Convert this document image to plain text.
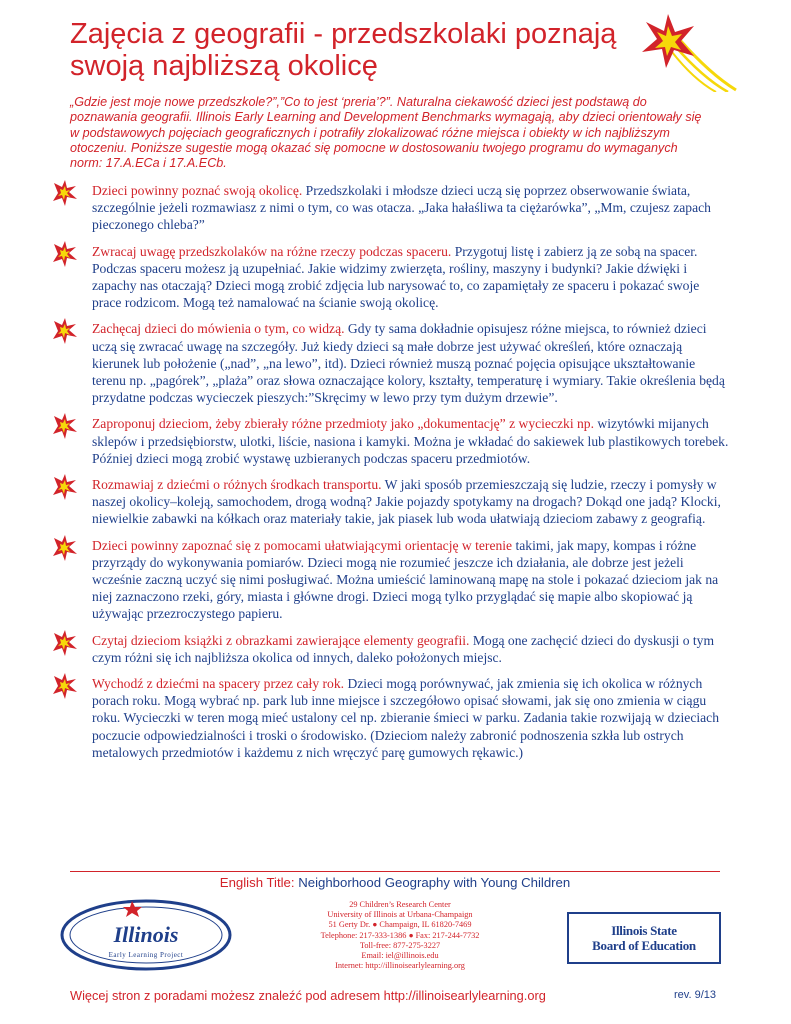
Zajęcia z geografii - przedszkolaki poznają swoją najbliższą okolicę

„Gdzie jest moje nowe przedszkole?”,”Co to jest ‘preria’?”. Naturalna ciekawość dzieci jest podstawą do poznawania geografii. Illinois Early Learning and Development Benchmarks wymagają, aby dzieci orientowały się w podstawowych pojęciach geograficznych i potrafiły zlokalizować różne miejsca i obiekty w ich najbliższym otoczeniu. Poniższe sugestie mogą okazać się pomocne w dostosowaniu twojego programu do wymaganych norm: 17.A.ECa i 17.A.ECb.

Dzieci powinny poznać swoją okolicę. Przedszkolaki i młodsze dzieci uczą się poprzez obserwowanie świata, szczególnie jeżeli rozmawiasz z nimi o tym, co was otacza. „Jaka hałaśliwa ta ciężarówka”, „Mm, czujesz zapach pieczonego chleba?”
Zwracaj uwagę przedszkolaków na różne rzeczy podczas spaceru. Przygotuj listę i zabierz ją ze sobą na spacer. Podczas spaceru możesz ją uzupełniać. Jakie widzimy zwierzęta, rośliny, maszyny i budynki? Jakie dźwięki i zapachy nas otaczają? Dzieci mogą zrobić zdjęcia lub narysować to, co zapamiętały ze spaceru i pokazać swoje prace rodzicom. Mogą też namalować na ścianie swoją okolicę.
Zachęcaj dzieci do mówienia o tym, co widzą. Gdy ty sama dokładnie opisujesz różne miejsca, to również dzieci uczą się zwracać uwagę na szczegóły. Już kiedy dzieci są małe dobrze jest używać określeń, które oznaczają kierunek lub położenie („nad”, „na lewo”, itd). Dzieci również muszą poznać pojęcia opisujące ukształtowanie terenu np. „pagórek”, „plaża” oraz słowa oznaczające kolory, kształty, temperaturę i wymiary. Takie określenia będą przydatne podczas wycieczek pieszych:”Skręcimy w lewo przy tym dużym drzewie”.
Zaproponuj dzieciom, żeby zbierały różne przedmioty jako „dokumentację” z wycieczki np. wizytówki mijanych sklepów i przedsiębiorstw, ulotki, liście, nasiona i kamyki. Można je wkładać do sakiewek lub plastikowych torebek. Później dzieci mogą zrobić wystawę uzbieranych podczas spaceru przedmiotów.
Rozmawiaj z dziećmi o różnych środkach transportu. W jaki sposób przemieszczają się ludzie, rzeczy i pomysły w naszej okolicy–koleją, samochodem, drogą wodną? Jakie pojazdy spotykamy na drogach? Dokąd one jadą? Klocki, niewielkie zabawki na kółkach oraz materiały takie, jak piasek lub woda ułatwiają dzieciom zabawy z geografią.
Dzieci powinny zapoznać się z pomocami ułatwiającymi orientację w terenie takimi, jak mapy, kompas i różne przyrządy do wykonywania pomiarów. Dzieci mogą nie rozumieć jeszcze ich działania, ale dobrze jest jeżeli wcześnie zaczną uczyć się nimi posługiwać. Można umieścić laminowaną mapę na stole i pokazać dzieciom jak na niej zaznaczono rzeki, góry, miasta i główne drogi. Dzieci mogą tylko przyglądać się mapie albo skopiować ją używając przezroczystego papieru.
Czytaj dzieciom książki z obrazkami zawierające elementy geografii. Mogą one zachęcić dzieci do dyskusji o tym czym różni się ich najbliższa okolica od innych, daleko położonych miejsc.
Wychodź z dziećmi na spacery przez cały rok. Dzieci mogą porównywać, jak zmienia się ich okolica w różnych porach roku. Mogą wybrać np. park lub inne miejsce i szczegółowo opisać słowami, jak się ono zmienia w ciągu roku. Wycieczki w teren mogą mieć ustalony cel np. zbieranie śmieci w parku. Zadania takie rozwijają w dzieciach poczucie odpowiedzialności i troski o środowisko. (Dzieciom należy zabronić podnoszenia szkła lub ostrych metalowych przedmiotów i każdemu z nich wręczyć parę gumowych rękawic.)
English Title: Neighborhood Geography with Young Children
Illinois
Early Learning Project
29 Children’s Research Center
University of Illinois at Urbana-Champaign
51 Gerty Dr. ● Champaign, IL 61820-7469
Telephone: 217-333-1386 ● Fax: 217-244-7732
Toll-free: 877-275-3227
Email: iel@illinois.edu
Internet: http://illinoisearlylearning.org
Illinois State
Board of Education
Więcej stron z poradami możesz znaleźć pod adresem http://illinoisearlylearning.org	rev. 9/13
